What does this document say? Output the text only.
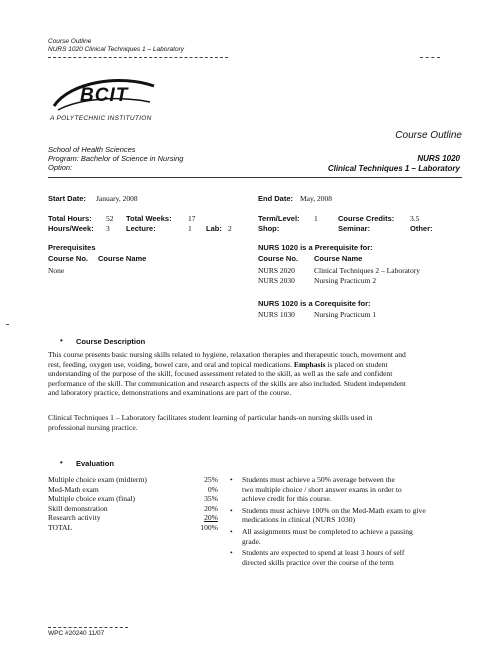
Course Outline
NURS 1020 Clinical Techniques 1 – Laboratory
BCIT
A POLYTECHNIC INSTITUTION
Course Outline
School of Health Sciences
Program: Bachelor of Science in Nursing
Option:
NURS 1020
Clinical Techniques 1 – Laboratory
Start Date: January, 2008	End Date: May, 2008
Total Hours: 52 Total Weeks: 17
Hours/Week: 3 Lecture:	1 Lab: 2
Term/Level: 1	Course Credits: 3.5
Shop:	Seminar:	Other:
Prerequisites
Course No. Course Name
None
NURS 1020 is a Prerequisite for:
Course No. Course Name
NURS 2020	Clinical Techniques 2 – Laboratory
NURS 2030	Nursing Practicum 2
NURS 1020 is a Corequisite for:
NURS 1030	Nursing Practicum 1
• Course Description
This course presents basic nursing skills related to hygiene, relaxation therapies and therapeutic touch, movement and
rest, feeding, oxygen use, voiding, bowel care, and oral and topical medications. Emphasis is placed on student
understanding of the purpose of the skill, focused assessment related to the skill, as well as the safe and confident
performance of the skill. The communication and research aspects of the skills are also included. Student independent
and laboratory practice, demonstrations and examinations are part of the course.
Clinical Techniques 1 – Laboratory facilitates student learning of particular hands-on nursing skills used in
professional nursing practice.
• Evaluation
Multiple choice exam (midterm)	25%
Med-Math exam	0%
Multiple choice exam (final)	35%
Skill demonstration	20%
Research activity	20%
TOTAL	100%
• Students must achieve a 50% average between the
two multiple choice / short answer exams in order to
achieve credit for this course.
• Students must achieve 100% on the Med-Math exam to give
medications in clinical (NURS 1030)
• All assignments must be completed to achieve a passing
grade.
• Students are expected to spend at least 3 hours of self
directed skills practice over the course of the term
WPC #20240 11/07
